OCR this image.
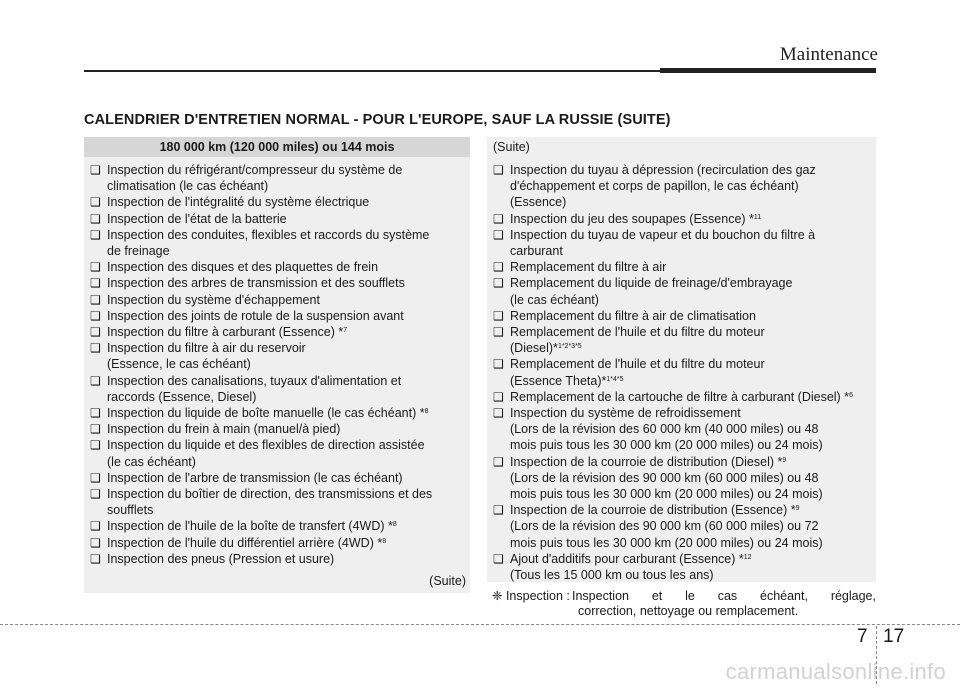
Maintenance
CALENDRIER D'ENTRETIEN NORMAL - POUR L'EUROPE, SAUF LA RUSSIE (SUITE)
180 000 km (120 000 miles) ou 144 mois
❑ Inspection du réfrigérant/compresseur du système de
climatisation (le cas échéant)
❑ Inspection de l'intégralité du système électrique
❑ Inspection de l'état de la batterie
❑ Inspection des conduites, flexibles et raccords du système
de freinage
❑ Inspection des disques et des plaquettes de frein
❑ Inspection des arbres de transmission et des soufflets
❑ Inspection du système d'échappement
❑ Inspection des joints de rotule de la suspension avant
❑ Inspection du filtre à carburant (Essence) *$^7$
❑ Inspection du filtre à air du reservoir
(Essence, le cas échéant)
❑ Inspection des canalisations, tuyaux d'alimentation et
raccords (Essence, Diesel)
❑ Inspection du liquide de boîte manuelle (le cas échéant) *$^8$
❑ Inspection du frein à main (manuel/à pied)
❑ Inspection du liquide et des flexibles de direction assistée
(le cas échéant)
❑ Inspection de l'arbre de transmission (le cas échéant)
❑ Inspection du boîtier de direction, des transmissions et des
soufflets
❑ Inspection de l'huile de la boîte de transfert (4WD) *$^8$
❑ Inspection de l'huile du différentiel arrière (4WD) *$^8$
❑ Inspection des pneus (Pression et usure)
(Suite)
(Suite)
❑ Inspection du tuyau à dépression (recirculation des gaz
d'échappement et corps de papillon, le cas échéant)
(Essence)
❑ Inspection du jeu des soupapes (Essence) *$^{11}$
❑ Inspection du tuyau de vapeur et du bouchon du filtre à
carburant
❑ Remplacement du filtre à air
❑ Remplacement du liquide de freinage/d'embrayage
(le cas échéant)
❑ Remplacement du filtre à air de climatisation
❑ Remplacement de l'huile et du filtre du moteur
(Diesel)*$^{1*2*3*5}$
❑ Remplacement de l'huile et du filtre du moteur
(Essence Theta)*$^{1*4*5}$
❑ Remplacement de la cartouche de filtre à carburant (Diesel) *$^6$
❑ Inspection du système de refroidissement
(Lors de la révision des 60 000 km (40 000 miles) ou 48
mois puis tous les 30 000 km (20 000 miles) ou 24 mois)
❑ Inspection de la courroie de distribution (Diesel) *$^9$
(Lors de la révision des 90 000 km (60 000 miles) ou 48
mois puis tous les 30 000 km (20 000 miles) ou 24 mois)
❑ Inspection de la courroie de distribution (Essence) *$^9$
(Lors de la révision des 90 000 km (60 000 miles) ou 72
mois puis tous les 30 000 km (20 000 miles) ou 24 mois)
❑ Ajout d'additifs pour carburant (Essence) *$^{12}$
(Tous les 15 000 km ou tous les ans)
❈ Inspection : Inspection et le cas échéant, réglage,
correction, nettoyage ou remplacement.
7 17
carmanualsonline.info
